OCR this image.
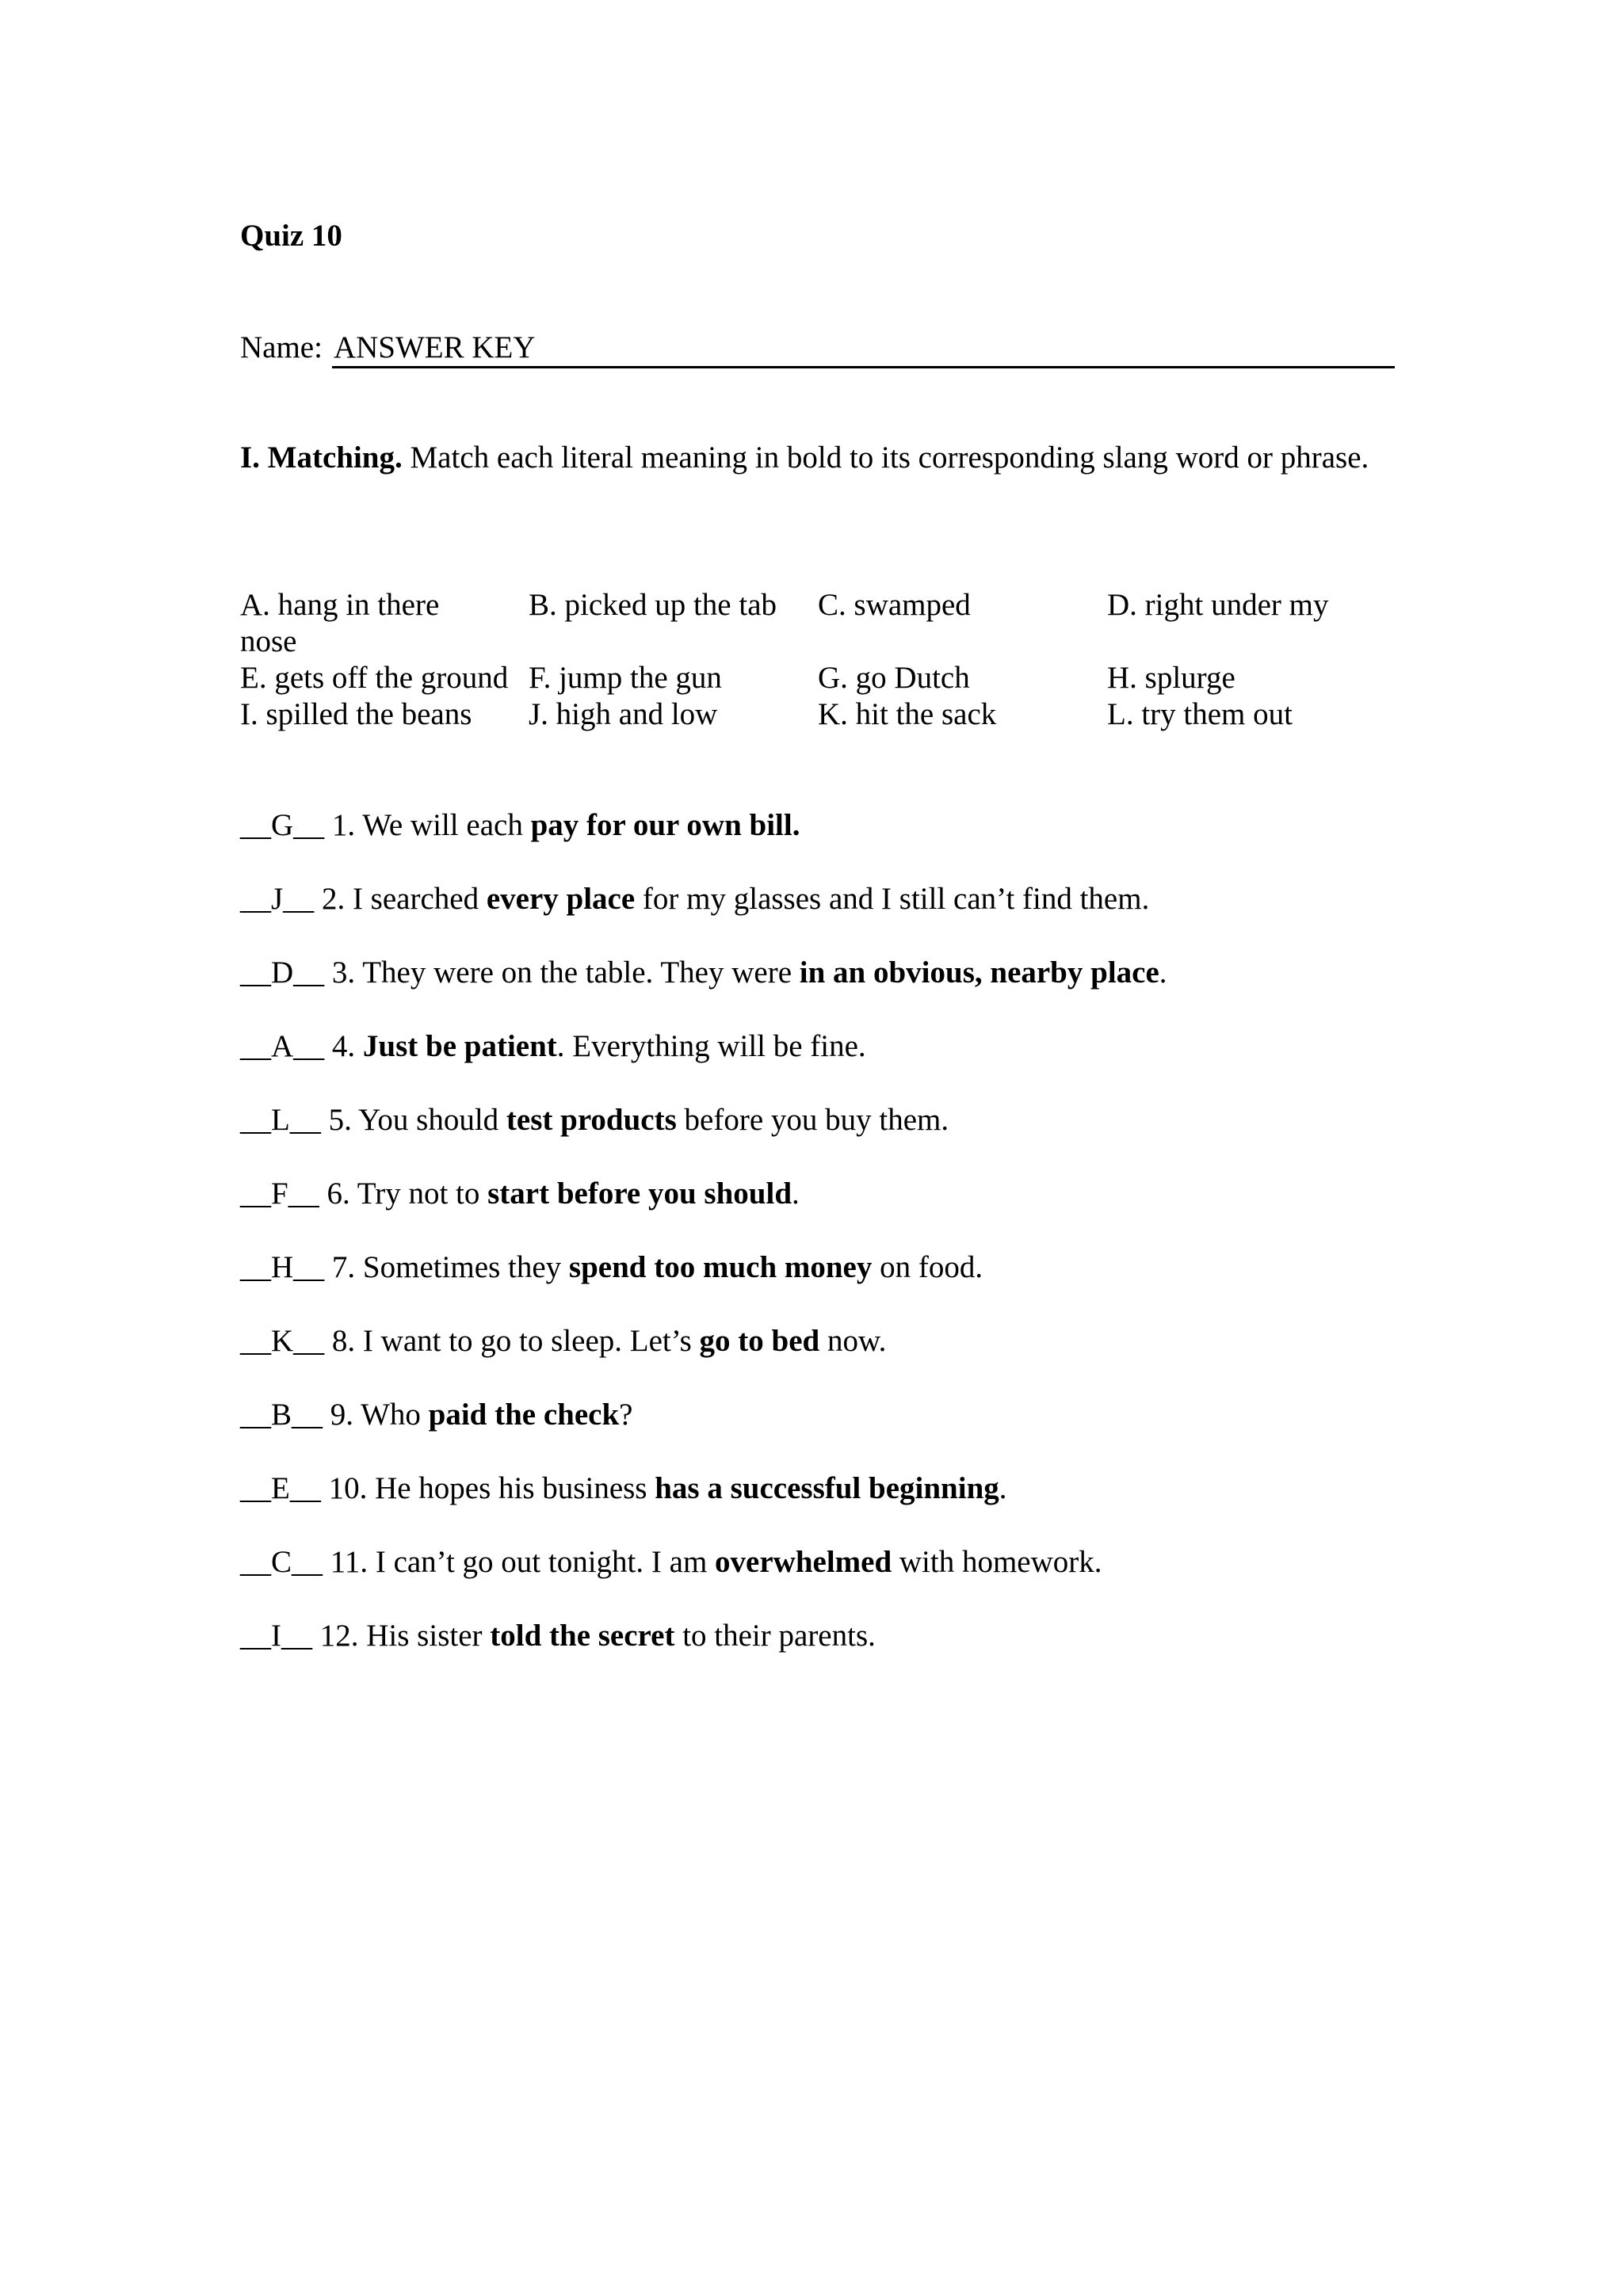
Quiz 10
Name: ANSWER KEY

I. Matching. Match each literal meaning in bold to its corresponding slang word or phrase.

A. hang in there	B. picked up the tab C. swamped	D. right under my
nose
E. gets off the ground F. jump the gun	G. go Dutch	H. splurge
I. spilled the beans J. high and low	K. hit the sack	L. try them out
__G__ 1. We will each pay for our own bill.
__J__ 2. I searched every place for my glasses and I still can’t find them.
__D__ 3. They were on the table. They were in an obvious, nearby place.
__A__ 4. Just be patient. Everything will be fine.
__L__ 5. You should test products before you buy them.
__F__ 6. Try not to start before you should.
__H__ 7. Sometimes they spend too much money on food.
__K__ 8. I want to go to sleep. Let’s go to bed now.
__B__ 9. Who paid the check?
__E__ 10. He hopes his business has a successful beginning.
__C__ 11. I can’t go out tonight. I am overwhelmed with homework.
__I__ 12. His sister told the secret to their parents.
